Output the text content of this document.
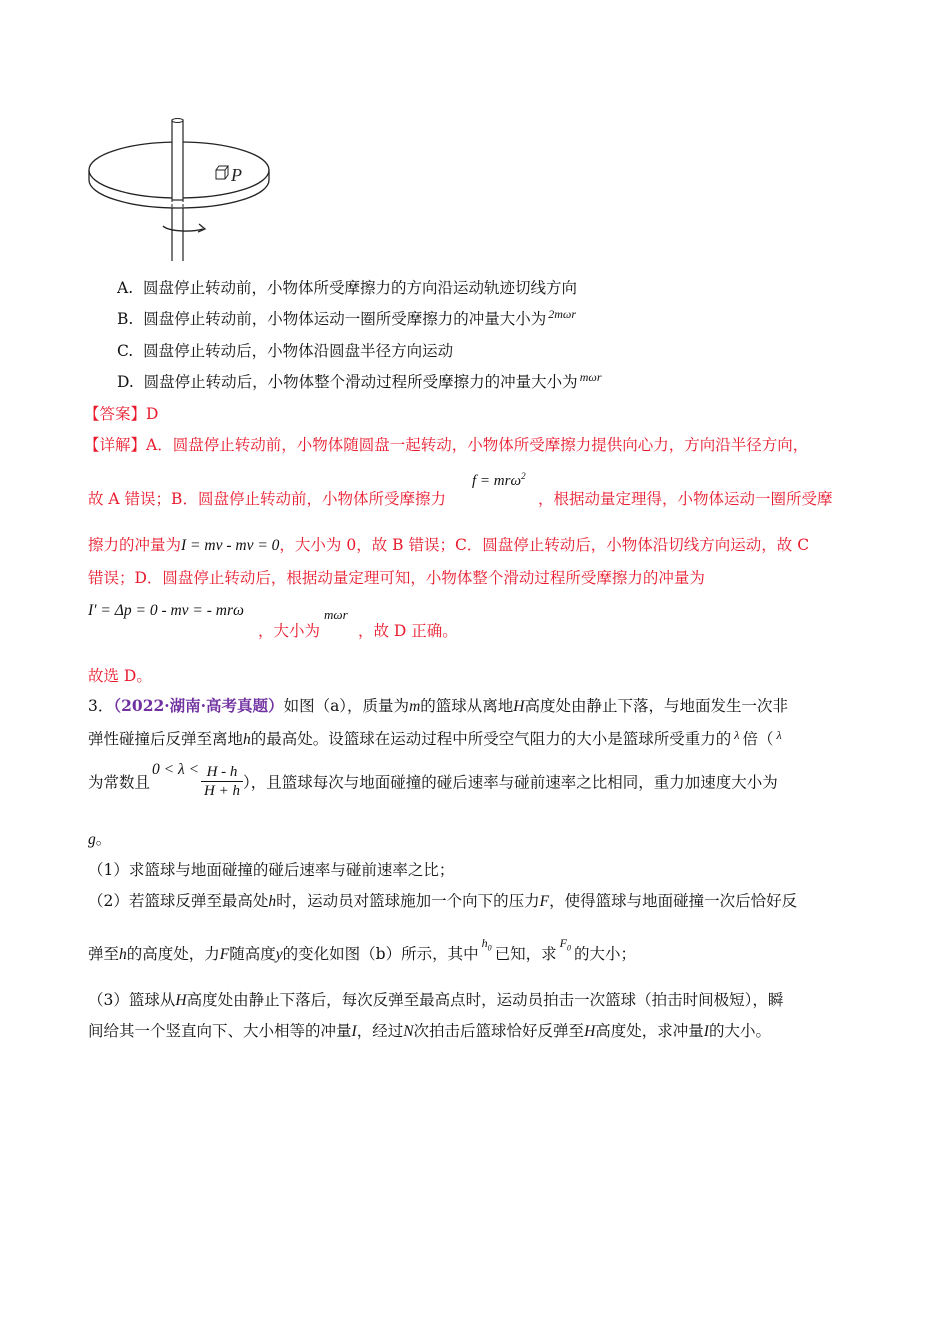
P
A. 圆盘停止转动前，小物体所受摩擦力的方向沿运动轨迹切线方向
B. 圆盘停止转动前，小物体运动一圈所受摩擦力的冲量大小为 $^{2m\omega r}$
C. 圆盘停止转动后，小物体沿圆盘半径方向运动
D. 圆盘停止转动后，小物体整个滑动过程所受摩擦力的冲量大小为 $^{m\omega r}$
【答案】D
【详解】A．圆盘停止转动前，小物体随圆盘一起转动，小物体所受摩擦力提供向心力，方向沿半径方向，
故 A 错误；B．圆盘停止转动前，小物体所受摩擦力
f = mrω$^2$
，根据动量定理得，小物体运动一圈所受摩
擦力的冲量为I = mv - mv = 0，大小为 0，故 B 错误；C．圆盘停止转动后，小物体沿切线方向运动，故 C
错误；D．圆盘停止转动后，根据动量定理可知，小物体整个滑动过程所受摩擦力的冲量为
I′ = Δp = 0 - mv = - mrω
，大小为
mωr
，故 D 正确。
故选 D。
3．（2022·湖南·高考真题）如图（a），质量为m的篮球从离地H高度处由静止下落，与地面发生一次非
弹性碰撞后反弹至离地h的最高处。设篮球在运动过程中所受空气阻力的大小是篮球所受重力的 $^\lambda$ 倍（ $^\lambda$
为常数且$0 < \lambda < \frac{H - h}{H + h}$ ），且篮球每次与地面碰撞的碰后速率与碰前速率之比相同，重力加速度大小为
g。
（1）求篮球与地面碰撞的碰后速率与碰前速率之比；
（2）若篮球反弹至最高处h时，运动员对篮球施加一个向下的压力F，使得篮球与地面碰撞一次后恰好反
弹至h的高度处，力F随高度y的变化如图（b）所示，其中$^{h_0}$ 已知，求$^{F_0}$ 的大小；
（3）篮球从H高度处由静止下落后，每次反弹至最高点时，运动员拍击一次篮球（拍击时间极短），瞬
间给其一个竖直向下、大小相等的冲量I，经过N次拍击后篮球恰好反弹至H高度处，求冲量I的大小。
